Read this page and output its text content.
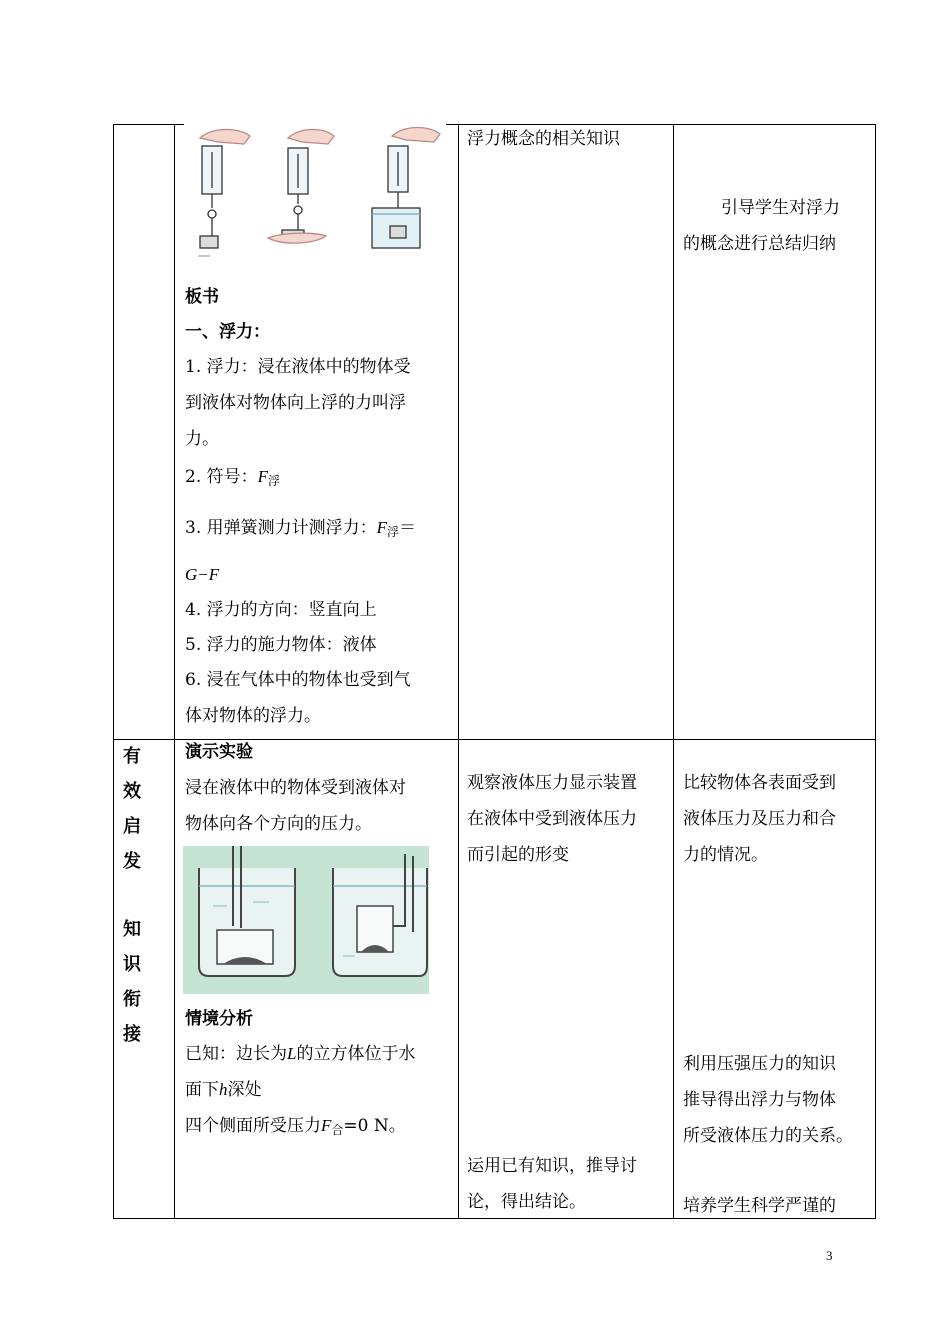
板书
一、浮力：
1. 浮力：浸在液体中的物体受
到液体对物体向上浮的力叫浮
力。
2. 符号：$F_浮$
3. 用弹簧测力计测浮力：$F_浮=$
G−F
4. 浮力的方向：竖直向上
5. 浮力的施力物体：液体
6. 浸在气体中的物体也受到气
体对物体的浮力。
浮力概念的相关知识
引导学生对浮力
的概念进行总结归纳
有
效
启
发
知
识
衔
接
演示实验
浸在液体中的物体受到液体对
物体向各个方向的压力。
情境分析
已知：边长为L的立方体位于水
面下h深处
四个侧面所受压力$F_合=0$ N。
观察液体压力显示装置
在液体中受到液体压力
而引起的形变
运用已有知识，推导讨
论，得出结论。
比较物体各表面受到
液体压力及压力和合
力的情况。
利用压强压力的知识
推导得出浮力与物体
所受液体压力的关系。
培养学生科学严谨的
3
